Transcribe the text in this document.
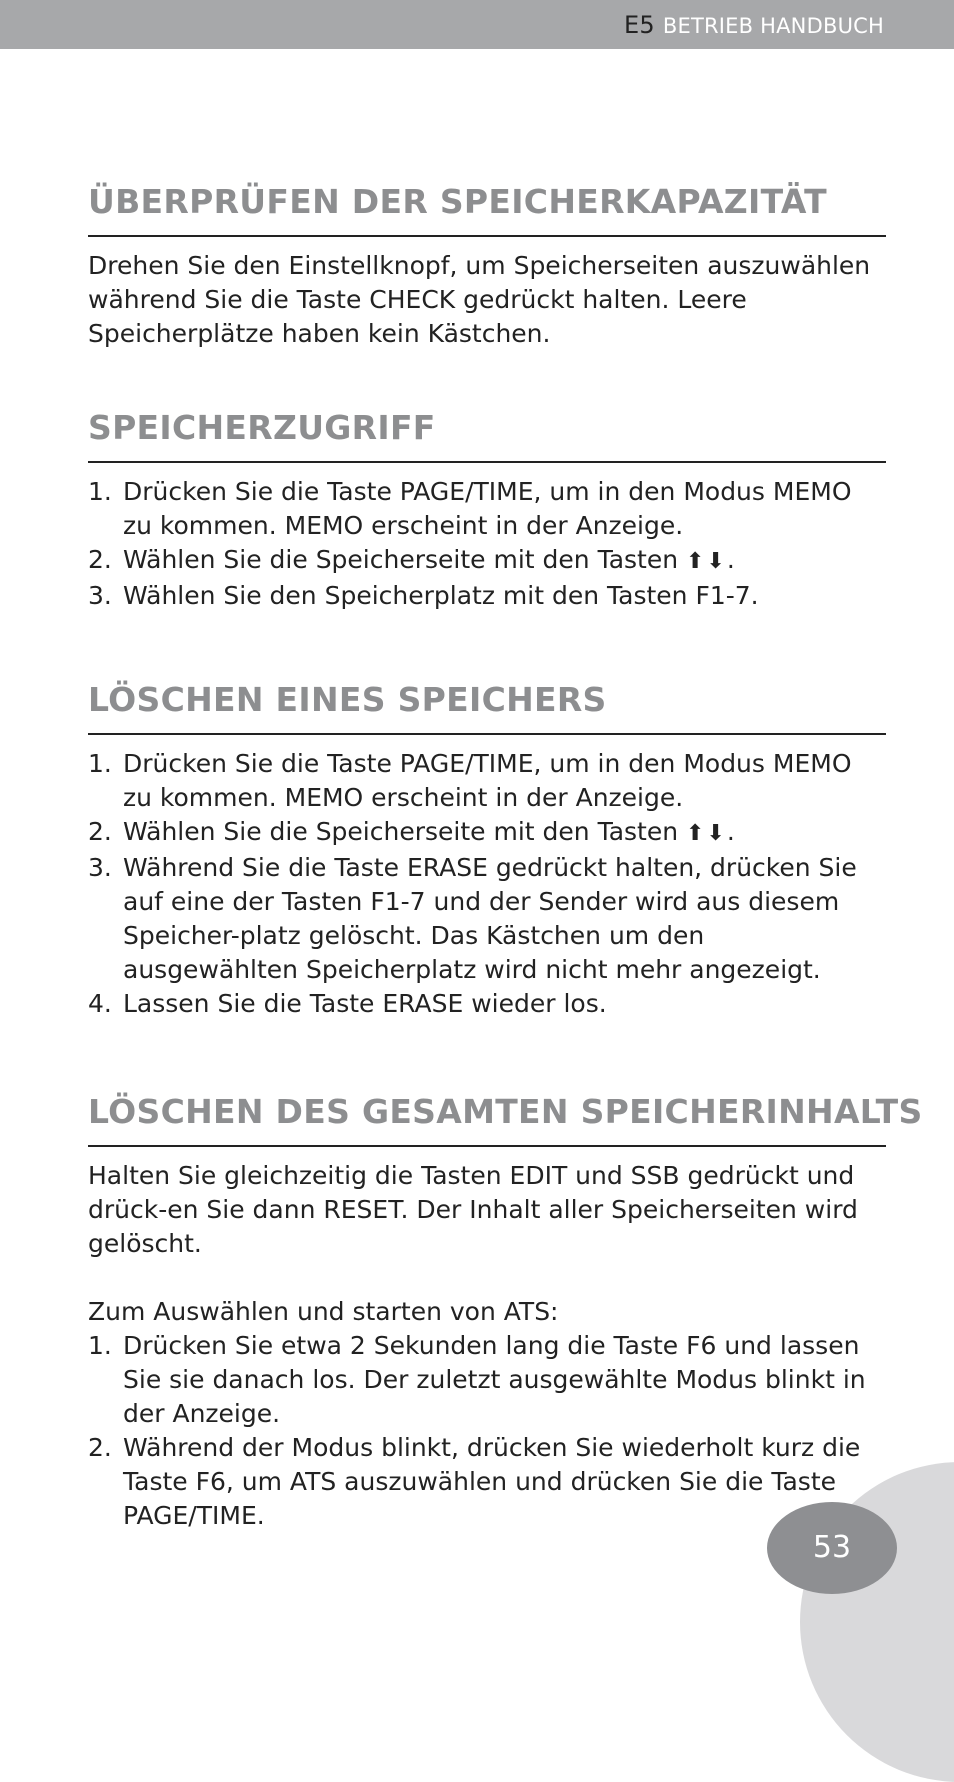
E5 BETRIEB HANDBUCH
ÜBERPRÜFEN DER SPEICHERKAPAZITÄT

Drehen Sie den Einstellknopf, um Speicherseiten auszuwählen während Sie die Taste CHECK gedrückt halten. Leere Speicherplätze haben kein Kästchen.

SPEICHERZUGRIFF
1. Drücken Sie die Taste PAGE/TIME, um in den Modus MEMO zu kommen. MEMO erscheint in der Anzeige.
2. Wählen Sie die Speicherseite mit den Tasten ⬆⬇.
3. Wählen Sie den Speicherplatz mit den Tasten F1-7.
LÖSCHEN EINES SPEICHERS
1. Drücken Sie die Taste PAGE/TIME, um in den Modus MEMO zu kommen. MEMO erscheint in der Anzeige.
2. Wählen Sie die Speicherseite mit den Tasten ⬆⬇.
3. Während Sie die Taste ERASE gedrückt halten, drücken Sie auf eine der Tasten F1-7 und der Sender wird aus diesem Speicher-platz gelöscht. Das Kästchen um den ausgewählten Speicherplatz wird nicht mehr angezeigt.
4. Lassen Sie die Taste ERASE wieder los.
LÖSCHEN DES GESAMTEN SPEICHERINHALTS

Halten Sie gleichzeitig die Tasten EDIT und SSB gedrückt und drück-en Sie dann RESET. Der Inhalt aller Speicherseiten wird gelöscht.

Zum Auswählen und starten von ATS:

1. Drücken Sie etwa 2 Sekunden lang die Taste F6 und lassen Sie sie danach los. Der zuletzt ausgewählte Modus blinkt in der Anzeige.
2. Während der Modus blinkt, drücken Sie wiederholt kurz die Taste F6, um ATS auszuwählen und drücken Sie die Taste PAGE/TIME.
53
